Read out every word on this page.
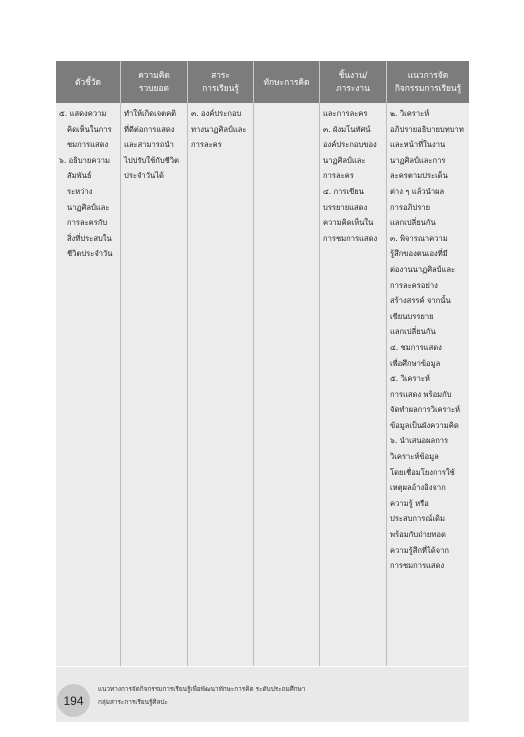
ตัวชี้วัด
ความคิด
รวบยอด
สาระ
การเรียนรู้
ทักษะการคิด
ชิ้นงาน/
ภาระงาน
แนวการจัด
กิจกรรมการเรียนรู้
๕. แสดงความ
คิดเห็นในการ
ชมการแสดง
๖. อธิบายความ
สัมพันธ์
ระหว่าง
นาฏศิลป์และ
การละครกับ
สิ่งที่ประสบใน
ชีวิตประจำวัน
ทำให้เกิดเจตคติ
ที่ดีต่อการแสดง
และสามารถนำ
ไปปรับใช้กับชีวิต
ประจำวันได้
๓. องค์ประกอบ
ทางนาฏศิลป์และ
การละคร
และการละคร
๓. ผังมโนทัศน์
องค์ประกอบของ
นาฏศิลป์และ
การละคร
๔. การเขียน
บรรยายแสดง
ความคิดเห็นใน
การชมการแสดง
๒. วิเคราะห์
อภิปรายอธิบายบทบาท
และหน้าที่ในงาน
นาฏศิลป์และการ
ละครตามประเด็น
ต่าง ๆ แล้วนำผล
การอภิปราย
แลกเปลี่ยนกัน
๓. พิจารณาความ
รู้สึกของตนเองที่มี
ต่องานนาฏศิลป์และ
การละครอย่าง
สร้างสรรค์ จากนั้น
เขียนบรรยาย
แลกเปลี่ยนกัน
๔. ชมการแสดง
เพื่อศึกษาข้อมูล
๕. วิเคราะห์
การแสดง พร้อมกับ
จัดทำผลการวิเคราะห์
ข้อมูลเป็นผังความคิด
๖. นำเสนอผลการ
วิเคราะห์ข้อมูล
โดยเชื่อมโยงการใช้
เหตุผลอ้างอิงจาก
ความรู้ หรือ
ประสบการณ์เดิม
พร้อมกับถ่ายทอด
ความรู้สึกที่ได้จาก
การชมการแสดง
194
แนวทางการจัดกิจกรรมการเรียนรู้เพื่อพัฒนาทักษะการคิด ระดับประถมศึกษา
กลุ่มสาระการเรียนรู้ศิลปะ
